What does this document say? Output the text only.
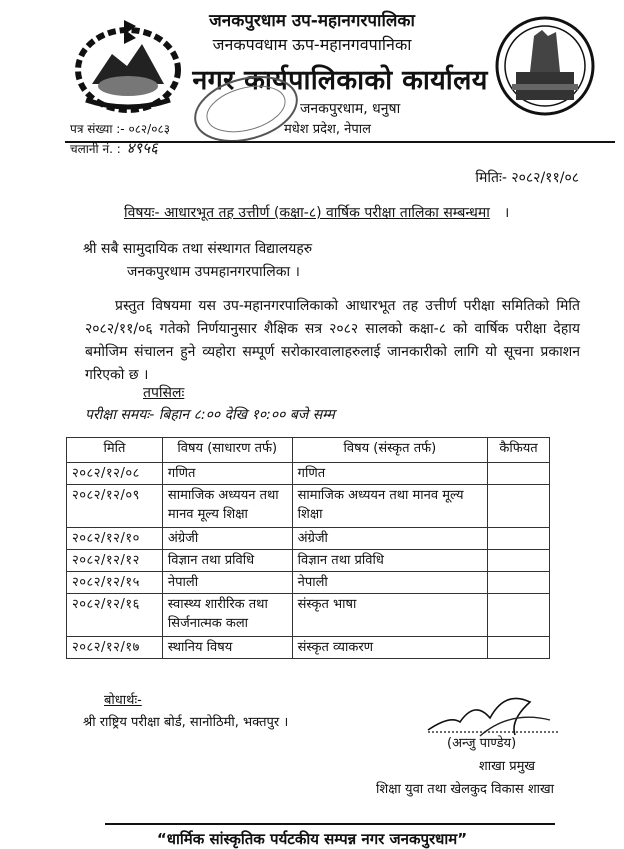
जनकपुरधाम उप-महानगरपालिका
जनकपवधाम ऊप-महानगवपानिका
नगर कार्यपालिकाको कार्यालय
जनकपुरधाम, धनुषा
मधेश प्रदेश, नेपाल
पत्र संख्या :- ०८२/०८३
चलानी नं. : ४९५६
मितिः- २०८२/११/०८
विषयः- आधारभूत तह उत्तीर्ण (कक्षा-८) वार्षिक परीक्षा तालिका सम्बन्धमा ।
श्री सबै सामुदायिक तथा संस्थागत विद्यालयहरु
जनकपुरधाम उपमहानगरपालिका ।
प्रस्तुत विषयमा यस उप-महानगरपालिकाको आधारभूत तह उत्तीर्ण परीक्षा समितिको मिति २०८२/११/०६ गतेको निर्णयानुसार शैक्षिक सत्र २०८२ सालको कक्षा-८ को वार्षिक परीक्षा देहाय बमोजिम संचालन हुने व्यहोरा सम्पूर्ण सरोकारवालाहरुलाई जानकारीको लागि यो सूचना प्रकाशन गरिएको छ ।
तपसिलः
परीक्षा समयः- बिहान ८:०० देखि १०:०० बजे सम्म
मिति	विषय (साधारण तर्फ)	विषय (संस्कृत तर्फ)	कैफियत
२०८२/१२/०८	गणित	गणित	
२०८२/१२/०९	सामाजिक अध्ययन तथा मानव मूल्य शिक्षा	सामाजिक अध्ययन तथा मानव मूल्य शिक्षा	
२०८२/१२/१०	अंग्रेजी	अंग्रेजी	
२०८२/१२/१२	विज्ञान तथा प्रविधि	विज्ञान तथा प्रविधि	
२०८२/१२/१५	नेपाली	नेपाली	
२०८२/१२/१६	स्वास्थ्य शारीरिक तथा सिर्जनात्मक कला	संस्कृत भाषा	
२०८२/१२/१७	स्थानिय विषय	संस्कृत व्याकरण	
बोधार्थः-
श्री राष्ट्रिय परीक्षा बोर्ड, सानोठिमी, भक्तपुर ।
(अन्जु पाण्डेय)
शाखा प्रमुख
शिक्षा युवा तथा खेलकुद विकास शाखा
“धार्मिक सांस्कृतिक पर्यटकीय सम्पन्न नगर जनकपुरधाम”
